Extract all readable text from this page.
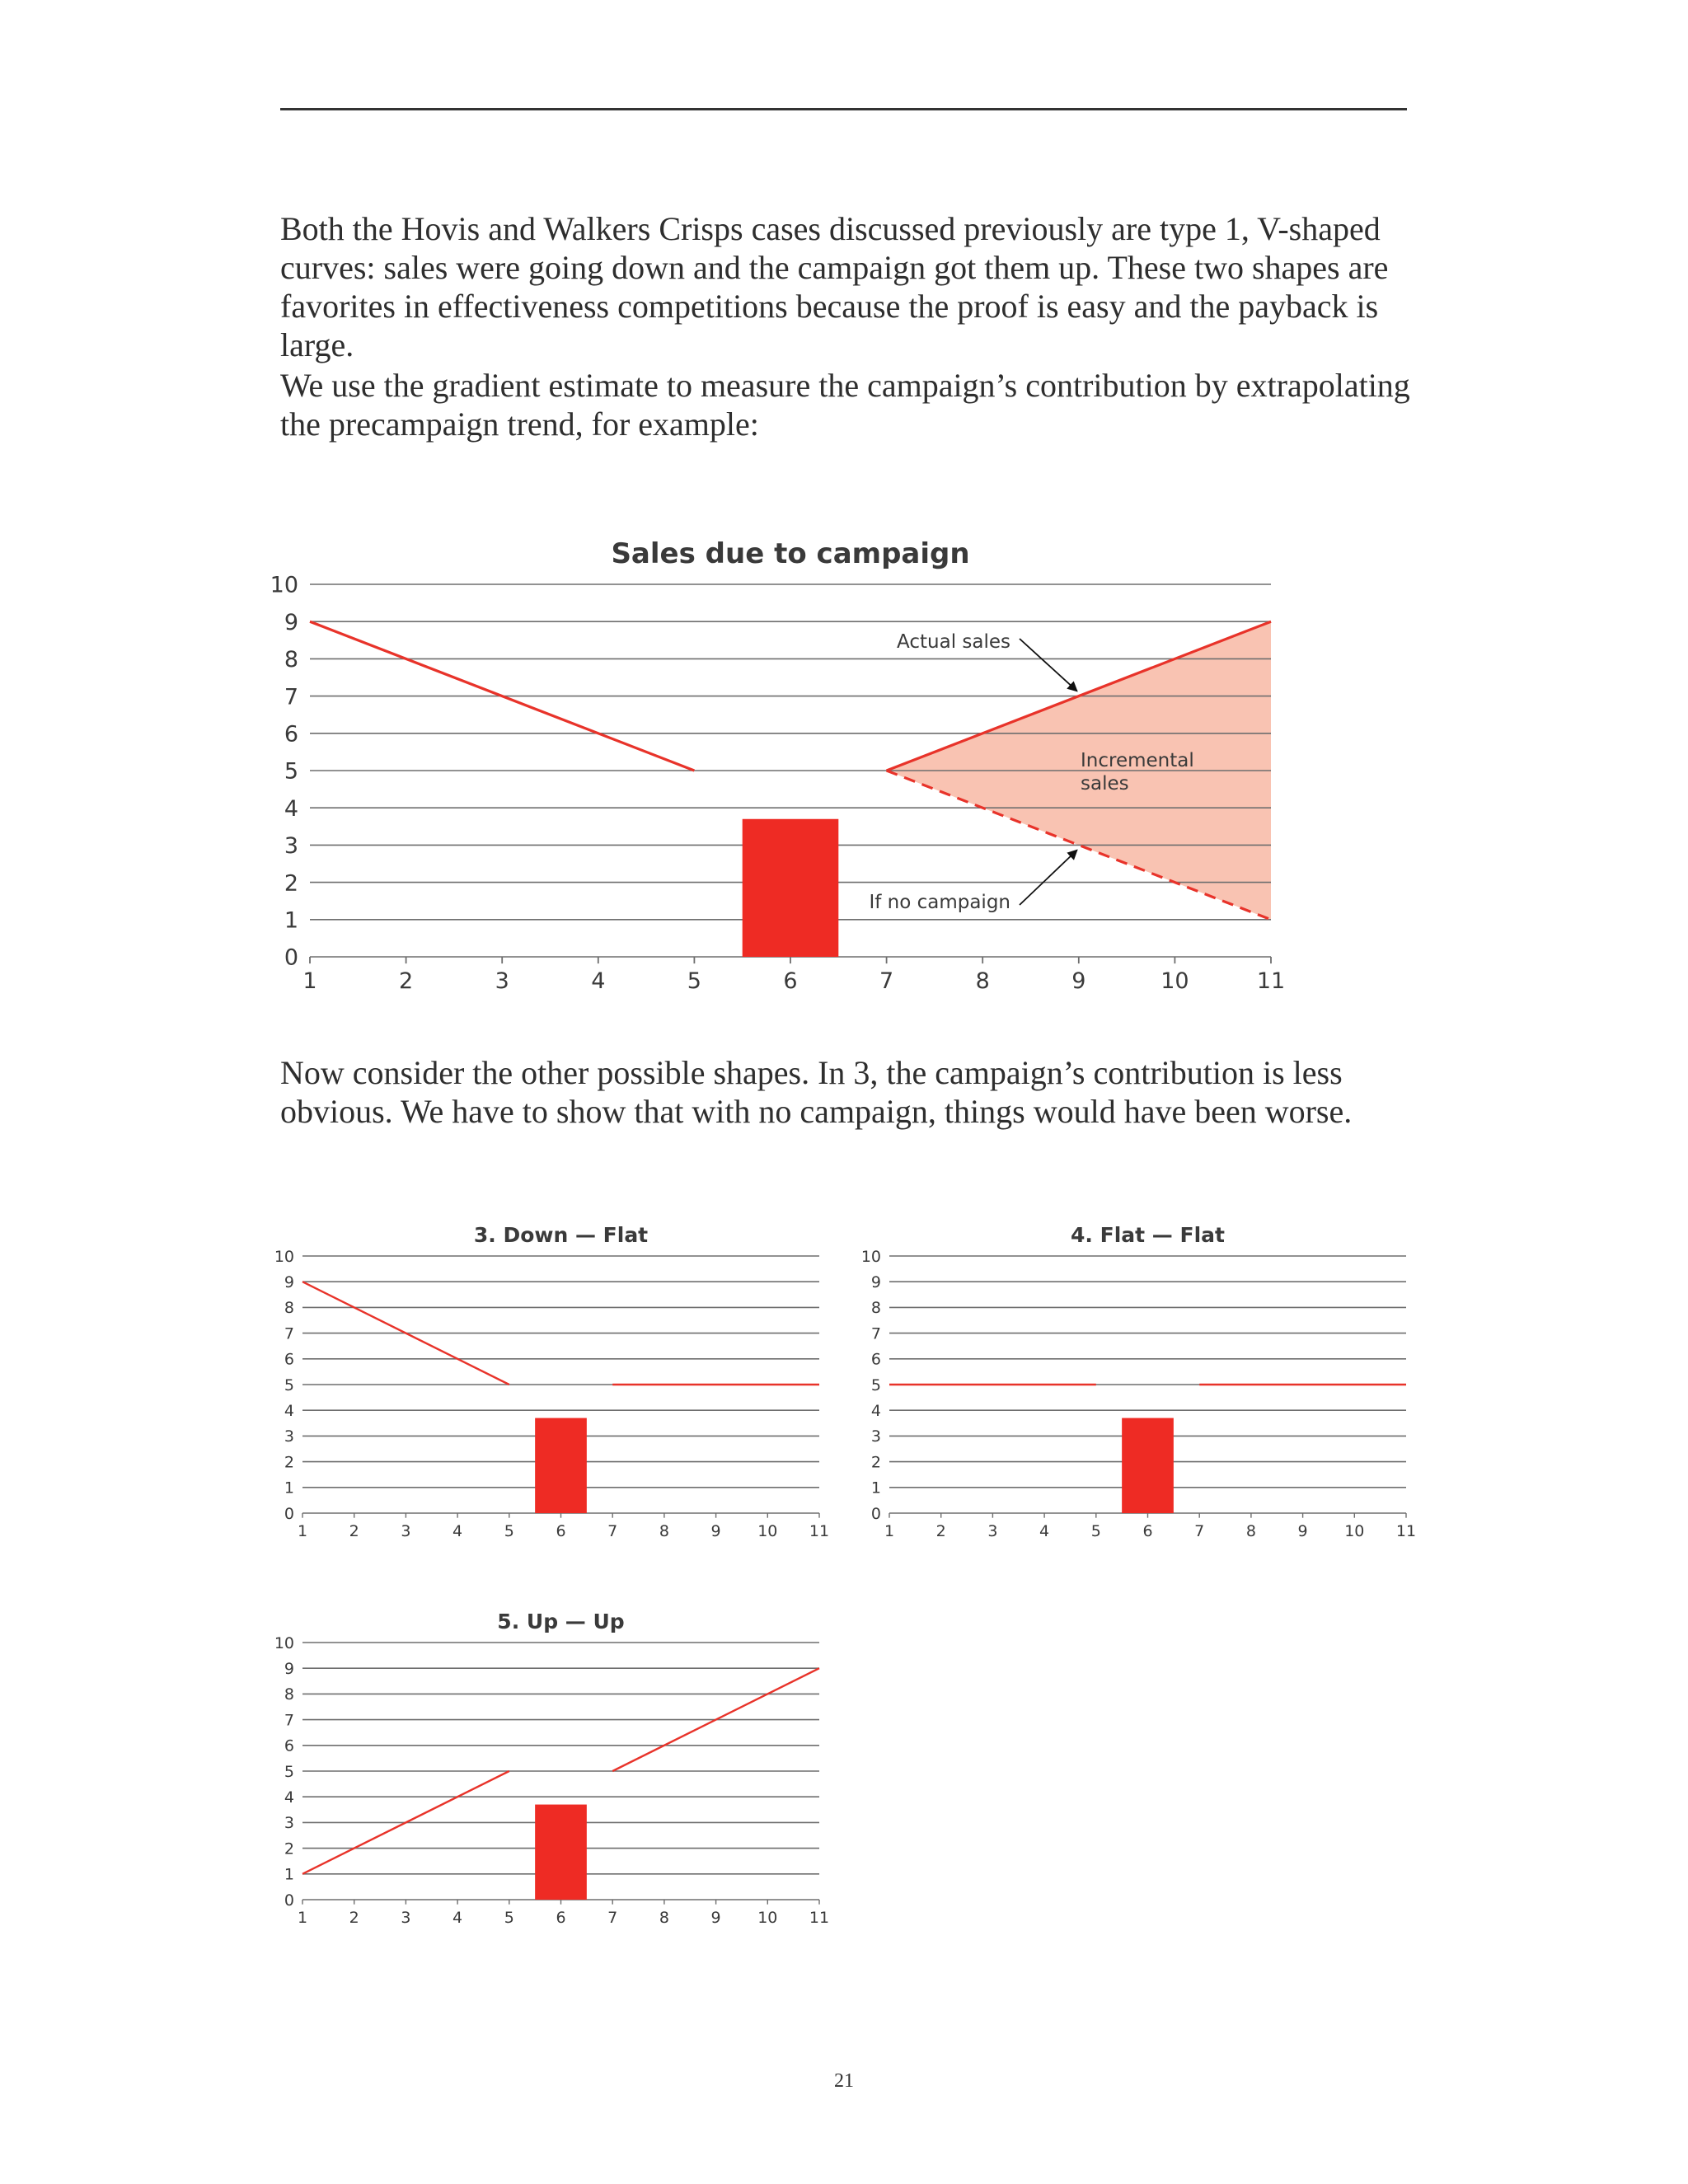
Both the Hovis and Walkers Crisps cases discussed previously are type 1, V-shaped curves: sales were going down and the campaign got them up. These two shapes are favorites in effectiveness competitions because the proof is easy and the payback is large.

We use the gradient estimate to measure the campaign’s contribution by extrapolating the precampaign trend, for example:

0
1
2
3
4
5
6
7
8
9
10
1	2	3	4	5	6	7	8	9	10	11
Sales due to campaign
Actual sales
Incremental
sales
If no campaign

Now consider the other possible shapes. In 3, the campaign’s contribution is less obvious. We have to show that with no campaign, things would have been worse.

0
1
2
3
4
5
6
7
8
9
10
1	2	3	4	5	6	7	8	9 10 11
3. Down — Flat
0
1
2
3
4
5
6
7
8
9
10
1	2	3	4	5	6	7	8	9 10 11
4. Flat — Flat
0
1
2
3
4
5
6
7
8
9
10
1	2	3	4	5	6	7	8	9 10 11
5. Up — Up
21
